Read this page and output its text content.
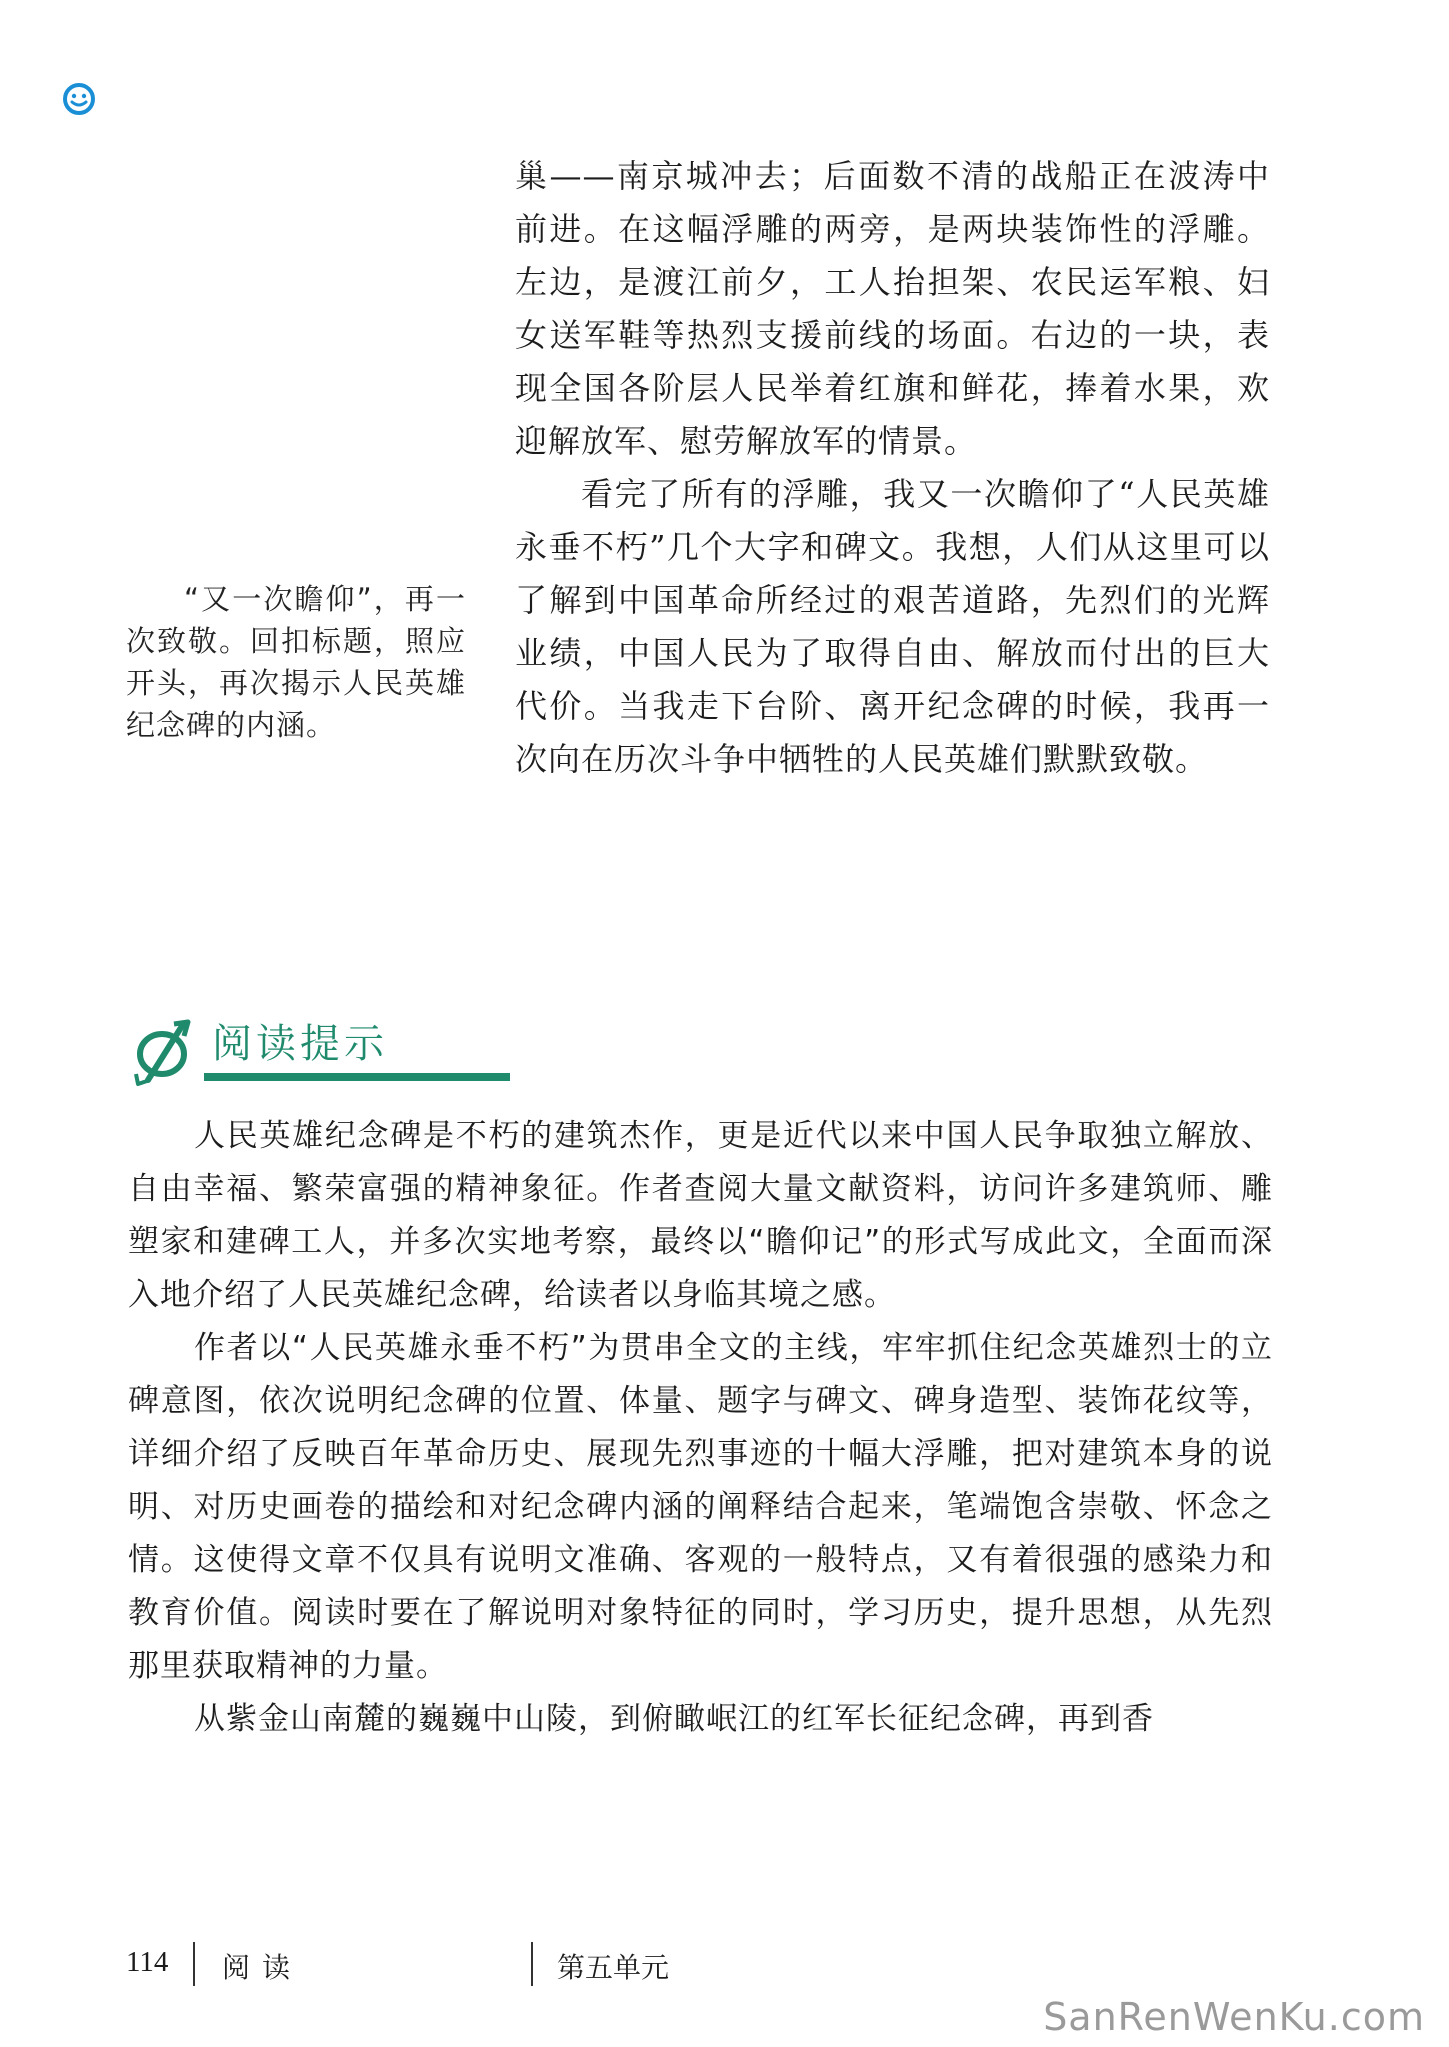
巢——南京城冲去；后面数不清的战船正在波涛中前进。在这幅浮雕的两旁，是两块装饰性的浮雕。左边，是渡江前夕，工人抬担架、农民运军粮、妇女送军鞋等热烈支援前线的场面。右边的一块，表现全国各阶层人民举着红旗和鲜花，捧着水果，欢迎解放军、慰劳解放军的情景。

看完了所有的浮雕，我又一次瞻仰了“人民英雄永垂不朽”几个大字和碑文。我想，人们从这里可以了解到中国革命所经过的艰苦道路，先烈们的光辉业绩，中国人民为了取得自由、解放而付出的巨大代价。当我走下台阶、离开纪念碑的时候，我再一次向在历次斗争中牺牲的人民英雄们默默致敬。

“又一次瞻仰”，再一次致敬。回扣标题，照应开头，再次揭示人民英雄纪念碑的内涵。

阅读提示

人民英雄纪念碑是不朽的建筑杰作，更是近代以来中国人民争取独立解放、自由幸福、繁荣富强的精神象征。作者查阅大量文献资料，访问许多建筑师、雕塑家和建碑工人，并多次实地考察，最终以“瞻仰记”的形式写成此文，全面而深入地介绍了人民英雄纪念碑，给读者以身临其境之感。

作者以“人民英雄永垂不朽”为贯串全文的主线，牢牢抓住纪念英雄烈士的立碑意图，依次说明纪念碑的位置、体量、题字与碑文、碑身造型、装饰花纹等，详细介绍了反映百年革命历史、展现先烈事迹的十幅大浮雕，把对建筑本身的说明、对历史画卷的描绘和对纪念碑内涵的阐释结合起来，笔端饱含崇敬、怀念之情。这使得文章不仅具有说明文准确、客观的一般特点，又有着很强的感染力和教育价值。阅读时要在了解说明对象特征的同时，学习历史，提升思想，从先烈那里获取精神的力量。

从紫金山南麓的巍巍中山陵，到俯瞰岷江的红军长征纪念碑，再到香

114 阅读	第五单元
SanRenWenKu.com
